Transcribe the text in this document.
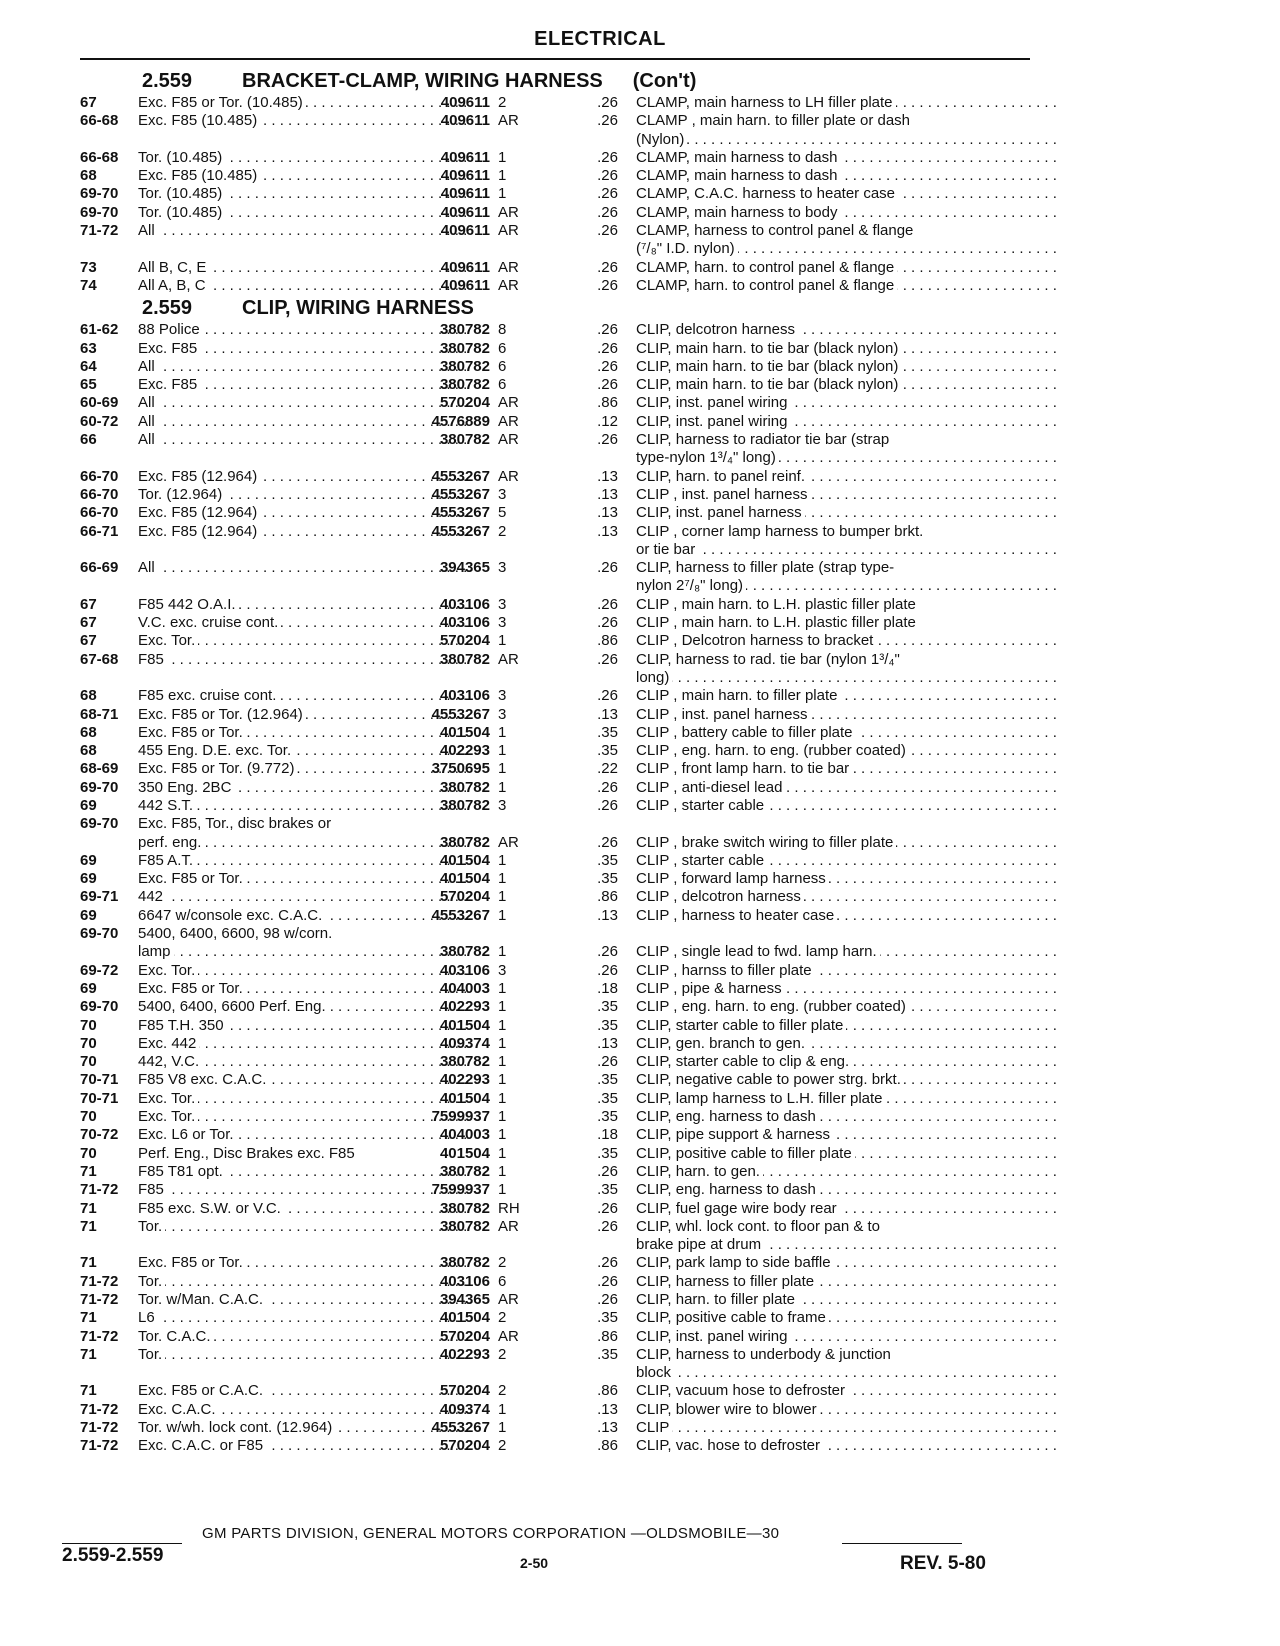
ELECTRICAL
2.559 BRACKET-CLAMP, WIRING HARNESS (Con't)
67	Exc. F85 or Tor. (10.485) . . .	409611 2	.26 CLAMP, main harness to LH filler plate . . .
66-68	Exc. F85 (10.485) . . .	409611 AR	.26 CLAMP , main harn. to filler plate or dash
(Nylon) . . .
66-68	Tor. (10.485) . . .	409611 1	.26 CLAMP, main harness to dash . . .
68	Exc. F85 (10.485) . . .	409611 1	.26 CLAMP, main harness to dash . . .
69-70	Tor. (10.485) . . .	409611 1	.26 CLAMP, C.A.C. harness to heater case . . .
69-70	Tor. (10.485) . . .	409611 AR	.26 CLAMP, main harness to body . . .
71-72	All . . .	409611 AR	.26 CLAMP, harness to control panel & flange
(⁷/₈" I.D. nylon) . . .
73	All B, C, E . . .	409611 AR	.26 CLAMP, harn. to control panel & flange . . .
74	All A, B, C . . .	409611 AR	.26 CLAMP, harn. to control panel & flange . . .
2.559 CLIP, WIRING HARNESS
61-62	88 Police . . .	380782 8	.26 CLIP, delcotron harness . . .
63	Exc. F85 . . .	380782 6	.26 CLIP, main harn. to tie bar (black nylon) . . .
64	All . . .	380782 6	.26 CLIP, main harn. to tie bar (black nylon) . . .
65	Exc. F85 . . .	380782 6	.26 CLIP, main harn. to tie bar (black nylon) . . .
60-69	All . . .	570204 AR	.86 CLIP, inst. panel wiring . . .
60-72	All . . .	4576889 AR	.12 CLIP, inst. panel wiring . . .
66	All . . .	380782 AR	.26 CLIP, harness to radiator tie bar (strap
type-nylon 1³/₄" long) . . .
66-70	Exc. F85 (12.964) . . .	4553267 AR	.13 CLIP, harn. to panel reinf. . . .
66-70	Tor. (12.964) . . .	4553267 3	.13 CLIP , inst. panel harness . . .
66-70	Exc. F85 (12.964) . . .	4553267 5	.13 CLIP, inst. panel harness . . .
66-71	Exc. F85 (12.964) . . .	4553267 2	.13 CLIP , corner lamp harness to bumper brkt.
or tie bar . . .
66-69	All . . .	394365 3	.26 CLIP, harness to filler plate (strap type-
nylon 2⁷/₈" long) . . .
67	F85 442 O.A.I. . . .	403106 3	.26 CLIP , main harn. to L.H. plastic filler plate
67	V.C. exc. cruise cont. . . .	403106 3	.26 CLIP , main harn. to L.H. plastic filler plate
67	Exc. Tor. . . .	570204 1	.86 CLIP , Delcotron harness to bracket . . .
67-68	F85 . . .	380782 AR	.26 CLIP, harness to rad. tie bar (nylon 1³/₄"
long) . . .
68	F85 exc. cruise cont. . . .	403106 3	.26 CLIP , main harn. to filler plate . . .
68-71	Exc. F85 or Tor. (12.964) . . .	4553267 3	.13 CLIP , inst. panel harness . . .
68	Exc. F85 or Tor. . . .	401504 1	.35 CLIP , battery cable to filler plate . . .
68	455 Eng. D.E. exc. Tor. . . .	402293 1	.35 CLIP , eng. harn. to eng. (rubber coated) . . .
68-69	Exc. F85 or Tor. (9.772) . . .	3750695 1	.22 CLIP , front lamp harn. to tie bar . . .
69-70	350 Eng. 2BC . . .	380782 1	.26 CLIP , anti-diesel lead . . .
69	442 S.T. . . .	380782 3	.26 CLIP , starter cable . . .
69-70	Exc. F85, Tor., disc brakes or
perf. eng. . . .	380782 AR	.26 CLIP , brake switch wiring to filler plate . . .
69	F85 A.T. . . .	401504 1	.35 CLIP , starter cable . . .
69	Exc. F85 or Tor. . . .	401504 1	.35 CLIP , forward lamp harness . . .
69-71	442 . . .	570204 1	.86 CLIP , delcotron harness . . .
69	6647 w/console exc. C.A.C. . . .	4553267 1	.13 CLIP , harness to heater case . . .
69-70	5400, 6400, 6600, 98 w/corn.
lamp . . .	380782 1	.26 CLIP , single lead to fwd. lamp harn. . . .
69-72	Exc. Tor. . . .	403106 3	.26 CLIP , harnss to filler plate . . .
69	Exc. F85 or Tor. . . .	404003 1	.18 CLIP , pipe & harness . . .
69-70	5400, 6400, 6600 Perf. Eng. . . .	402293 1	.35 CLIP , eng. harn. to eng. (rubber coated) . . .
70	F85 T.H. 350 . . .	401504 1	.35 CLIP, starter cable to filler plate . . .
70	Exc. 442 . . .	409374 1	.13 CLIP, gen. branch to gen. . . .
70	442, V.C. . . .	380782 1	.26 CLIP, starter cable to clip & eng. . . .
70-71	F85 V8 exc. C.A.C. . . .	402293 1	.35 CLIP, negative cable to power strg. brkt. . . .
70-71	Exc. Tor. . . .	401504 1	.35 CLIP, lamp harness to L.H. filler plate . . .
70	Exc. Tor. . . .	7599937 1	.35 CLIP, eng. harness to dash . . .
70-72	Exc. L6 or Tor. . . .	404003 1	.18 CLIP, pipe support & harness . . .
70	Perf. Eng., Disc Brakes exc. F85	401504 1	.35 CLIP, positive cable to filler plate . . .
71	F85 T81 opt. . . .	380782 1	.26 CLIP, harn. to gen. . . .
71-72	F85 . . .	7599937 1	.35 CLIP, eng. harness to dash . . .
71	F85 exc. S.W. or V.C. . . .	380782 RH	.26 CLIP, fuel gage wire body rear . . .
71	Tor. . . .	380782 AR	.26 CLIP, whl. lock cont. to floor pan & to
brake pipe at drum . . .
71	Exc. F85 or Tor. . . .	380782 2	.26 CLIP, park lamp to side baffle . . .
71-72	Tor. . . .	403106 6	.26 CLIP, harness to filler plate . . .
71-72	Tor. w/Man. C.A.C. . . .	394365 AR	.26 CLIP, harn. to filler plate . . .
71	L6 . . .	401504 2	.35 CLIP, positive cable to frame . . .
71-72	Tor. C.A.C. . . .	570204 AR	.86 CLIP, inst. panel wiring . . .
71	Tor. . . .	402293 2	.35 CLIP, harness to underbody & junction
block . . .
71	Exc. F85 or C.A.C. . . .	570204 2	.86 CLIP, vacuum hose to defroster . . .
71-72	Exc. C.A.C. . . .	409374 1	.13 CLIP, blower wire to blower . . .
71-72	Tor. w/wh. lock cont. (12.964) . . .	4553267 1	.13 CLIP . . .
71-72	Exc. C.A.C. or F85 . . .	570204 2	.86 CLIP, vac. hose to defroster . . .
GM PARTS DIVISION, GENERAL MOTORS CORPORATION —OLDSMOBILE—30
2.559-2.559	2-50	REV. 5-80
